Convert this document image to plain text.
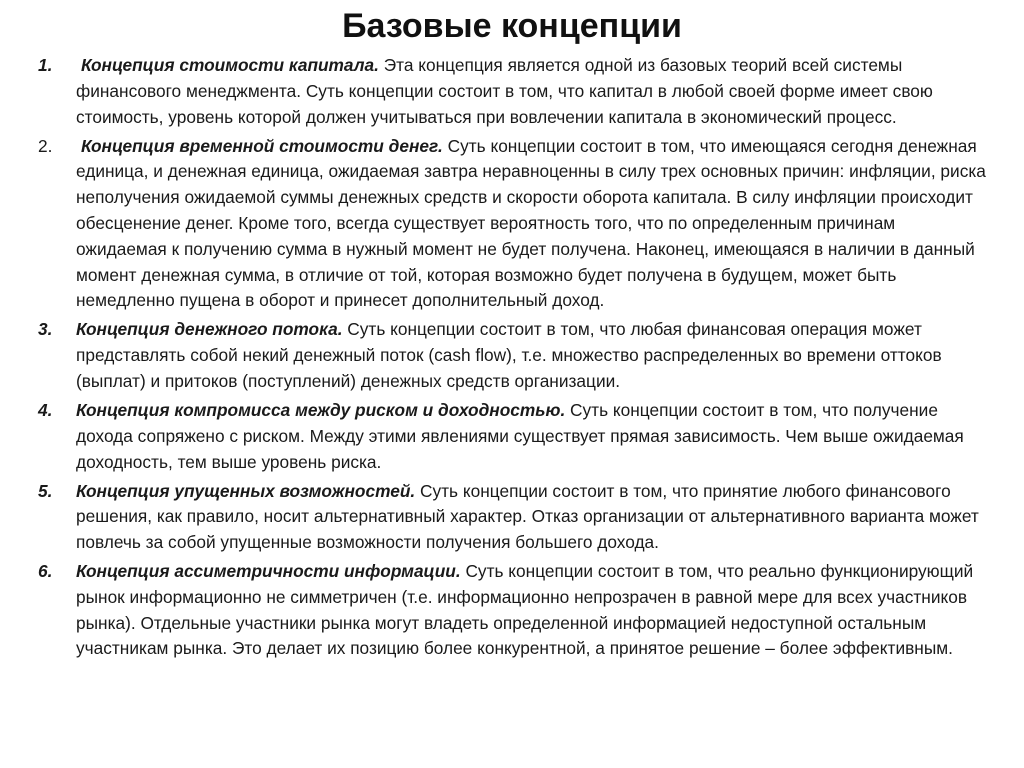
Базовые концепции
1.	Концепция стоимости капитала. Эта концепция является одной из базовых теорий всей системы финансового менеджмента. Суть концепции состоит в том, что капитал в любой своей форме имеет свою стоимость, уровень которой должен учитываться при вовлечении капитала в экономический процесс.
2.	Концепция временной стоимости денег. Суть концепции состоит в том, что имеющаяся сегодня денежная единица, и денежная единица, ожидаемая завтра неравноценны в силу трех основных причин: инфляции, риска неполучения ожидаемой суммы денежных средств и скорости оборота капитала. В силу инфляции происходит обесценение денег. Кроме того, всегда существует вероятность того, что по определенным причинам ожидаемая к получению сумма в нужный момент не будет получена. Наконец, имеющаяся в наличии в данный момент денежная сумма, в отличие от той, которая возможно будет получена в будущем, может быть немедленно пущена в оборот и принесет дополнительный доход.
3.	Концепция денежного потока. Суть концепции состоит в том, что любая финансовая операция может представлять собой некий денежный поток (cash flow), т.е. множество распределенных во времени оттоков (выплат) и притоков (поступлений) денежных средств организации.
4.	Концепция компромисса между риском и доходностью. Суть концепции состоит в том, что получение дохода сопряжено с риском. Между этими явлениями существует прямая зависимость. Чем выше ожидаемая доходность, тем выше уровень риска.
5.	Концепция упущенных возможностей. Суть концепции состоит в том, что принятие любого финансового решения, как правило, носит альтернативный характер. Отказ организации от альтернативного варианта может повлечь за собой упущенные возможности получения большего дохода.
6.	Концепция ассиметричности информации. Суть концепции состоит в том, что реально функционирующий рынок информационно не симметричен (т.е. информационно непрозрачен в равной мере для всех участников рынка). Отдельные участники рынка могут владеть определенной информацией недоступной остальным участникам рынка. Это делает их позицию более конкурентной, а принятое решение – более эффективным.
